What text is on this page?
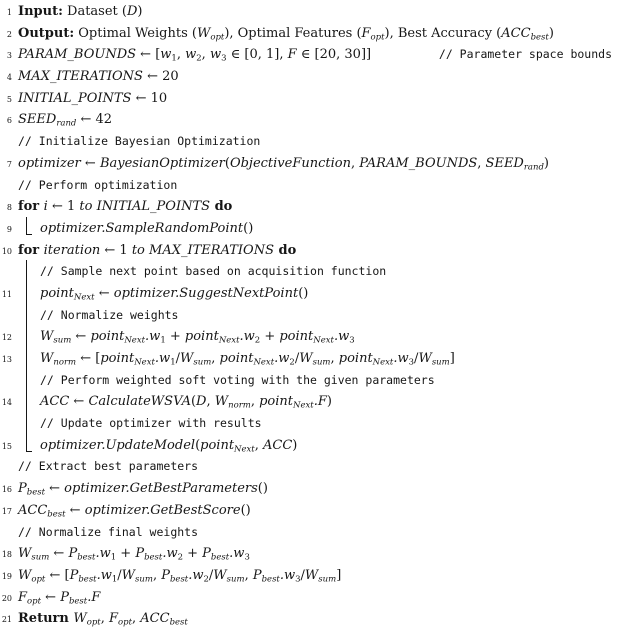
1 Input: Dataset (D)
2 Output: Optimal Weights (Wopt), Optimal Features (Fopt), Best Accuracy (ACCbest)
3 PARAM_BOUNDS ← [w1, w2, w3 ∈ [0, 1], F ∈ [20, 30]]	// Parameter space bounds
4 MAX_ITERATIONS ← 20
5 INITIAL_POINTS ← 10
6 SEEDrand ← 42
// Initialize Bayesian Optimization
7 optimizer ← BayesianOptimizer(ObjectiveFunction, PARAM_BOUNDS, SEEDrand)
// Perform optimization
8 for i ← 1 to INITIAL_POINTS do
9	optimizer.SampleRandomPoint()
10 for iteration ← 1 to MAX_ITERATIONS do
// Sample next point based on acquisition function
11	pointNext ← optimizer.SuggestNextPoint()
// Normalize weights
12	Wsum ← pointNext.w1 + pointNext.w2 + pointNext.w3
13	Wnorm ← [pointNext.w1/Wsum, pointNext.w2/Wsum, pointNext.w3/Wsum]
// Perform weighted soft voting with the given parameters
14	ACC ← CalculateWSVA(D, Wnorm, pointNext.F)
// Update optimizer with results
15	optimizer.UpdateModel(pointNext, ACC)
// Extract best parameters
16 Pbest ← optimizer.GetBestParameters()
17 ACCbest ← optimizer.GetBestScore()
// Normalize final weights
18 Wsum ← Pbest.w1 + Pbest.w2 + Pbest.w3
19 Wopt ← [Pbest.w1/Wsum, Pbest.w2/Wsum, Pbest.w3/Wsum]
20 Fopt ← Pbest.F
21 Return Wopt, Fopt, ACCbest
